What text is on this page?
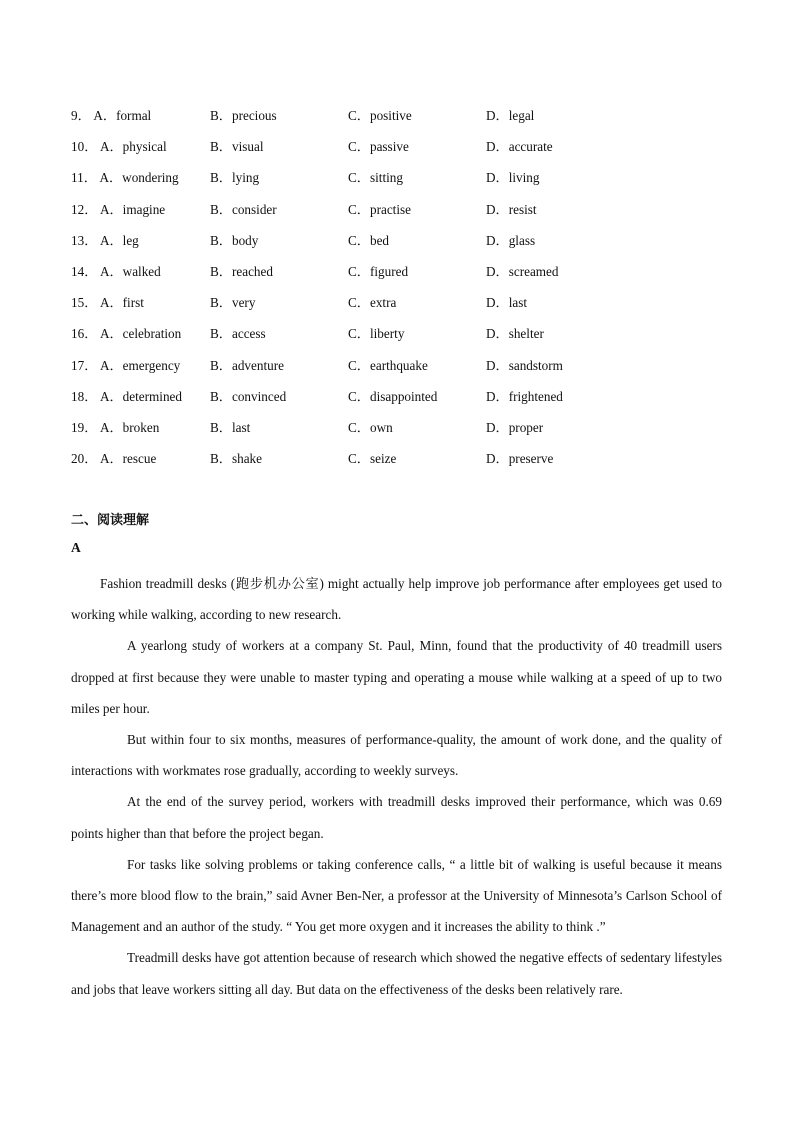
9． A．formal	B．precious	C．positive	D．legal
10． A．physical	B．visual	C．passive	D．accurate
11． A．wondering B．lying	C．sitting	D．living
12． A．imagine	B．consider	C．practise	D．resist
13． A．leg	B．body	C．bed	D．glass
14． A．walked	B．reached	C．figured	D．screamed
15． A．first	B．very	C．extra	D．last
16． A．celebration B．access	C．liberty	D．shelter
17． A．emergency B．adventure	C．earthquake	D．sandstorm
18． A．determined B．convinced	C．disappointed	D．frightened
19． A．broken	B．last	C．own	D．proper
20． A．rescue	B．shake	C．seize	D．preserve
二、阅读理解
A

Fashion treadmill desks (跑步机办公室) might actually help improve job performance after employees get used to working while walking, according to new research.

A yearlong study of workers at a company St. Paul, Minn, found that the productivity of 40 treadmill users dropped at first because they were unable to master typing and operating a mouse while walking at a speed of up to two miles per hour.

But within four to six months, measures of performance-quality, the amount of work done, and the quality of interactions with workmates rose gradually, according to weekly surveys.

At the end of the survey period, workers with treadmill desks improved their performance, which was 0.69 points higher than that before the project began.

For tasks like solving problems or taking conference calls, “ a little bit of walking is useful because it means there’s more blood flow to the brain,” said Avner Ben-Ner, a professor at the University of Minnesota’s Carlson School of Management and an author of the study. “ You get more oxygen and it increases the ability to think .”

Treadmill desks have got attention because of research which showed the negative effects of sedentary lifestyles and jobs that leave workers sitting all day. But data on the effectiveness of the desks been relatively rare.
